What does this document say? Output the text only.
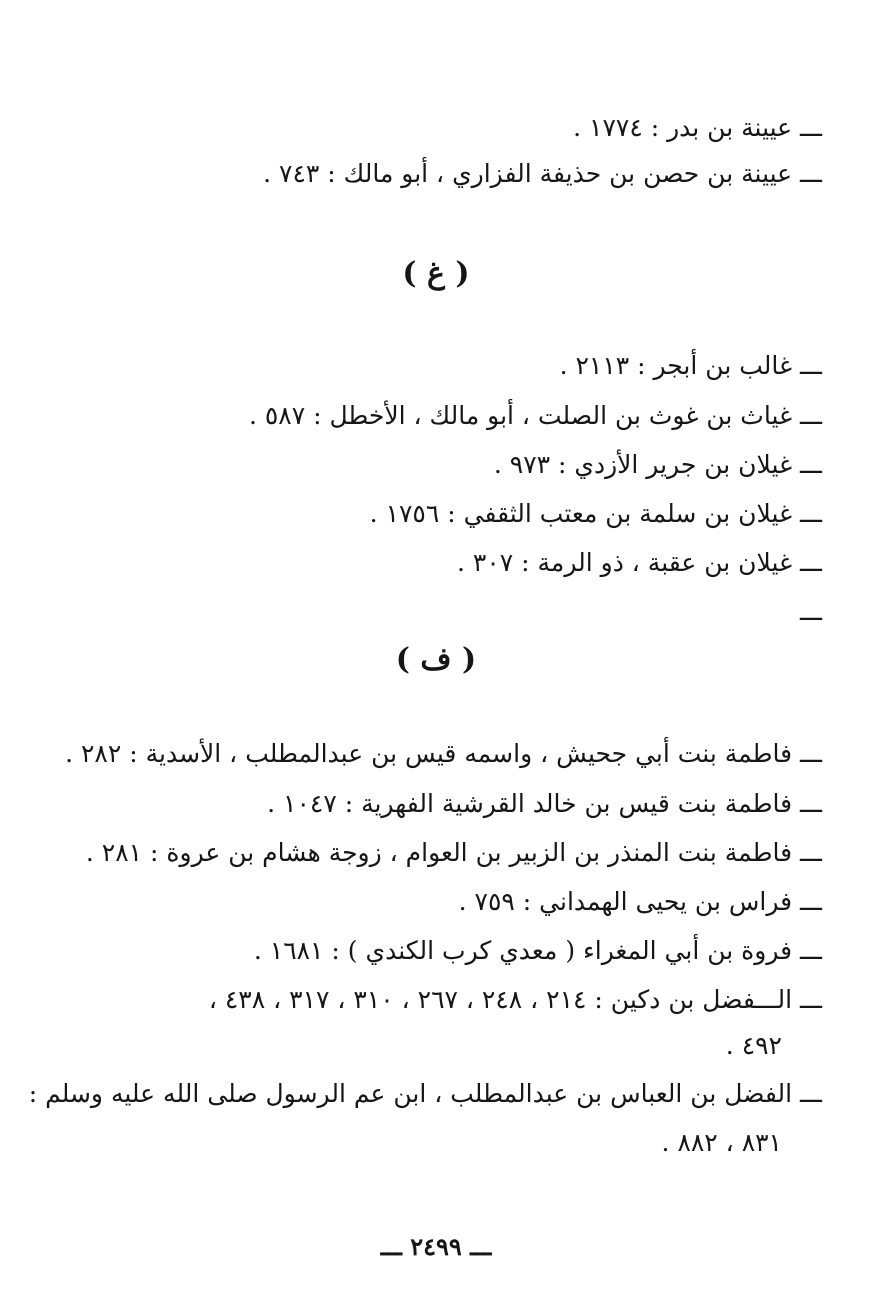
ـــ عيينة بن بدر : ١٧٧٤ .
ـــ عيينة بن حصن بن حذيفة الفزاري ، أبو مالك : ٧٤٣ .
( غ )
ـــ غالب بن أبجر : ٢١١٣ .
ـــ غياث بن غوث بن الصلت ، أبو مالك ، الأخطل : ٥٨٧ .
ـــ غيلان بن جرير الأزدي : ٩٧٣ .
ـــ غيلان بن سلمة بن معتب الثقفي : ١٧٥٦ .
ـــ غيلان بن عقبة ، ذو الرمة : ٣٠٧ .
ـــ
( ف )
ـــ فاطمة بنت أبي جحيش ، واسمه قيس بن عبدالمطلب ، الأسدية : ٢٨٢ .
ـــ فاطمة بنت قيس بن خالد القرشية الفهرية : ١٠٤٧ .
ـــ فاطمة بنت المنذر بن الزبير بن العوام ، زوجة هشام بن عروة : ٢٨١ .
ـــ فراس بن يحيى الهمداني : ٧٥٩ .
ـــ فروة بن أبي المغراء ( معدي كرب الكندي ) : ١٦٨١ .
ـــ الـــفضل بن دكين : ٢١٤ ، ٢٤٨ ، ٢٦٧ ، ٣١٠ ، ٣١٧ ، ٤٣٨ ،
٤٩٢ .
ـــ الفضل بن العباس بن عبدالمطلب ، ابن عم الرسول صلى الله عليه وسلم :
٨٣١ ، ٨٨٢ .
ـــ ٢٤٩٩ ـــ
